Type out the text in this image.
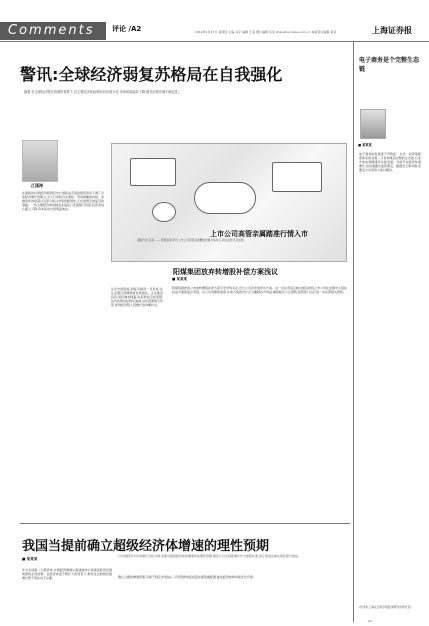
Comments	评论 /A2	2019年1月17日 星期四 主编 谷宇 编辑 王某 图片编辑 张某 shanghai-news.com.cn 本版责任编辑 某某	上海证券报
警讯:全球经济弱复苏格局在自我强化
摘要:在全球经济增长放缓的背景下,各主要经济体政策取向出现分化,市场风险偏好下降,增长前景充满不确定性。
江涌涛
在最新的世界经济展望报告中,国际货币基金组织再次下调了全球经济增长预期,认为下行风险仍在累积。贸易摩擦的持续、金融条件的收紧以及部分新兴市场的脆弱性,正在削弱全球复苏的基础。一些主要经济体的制造业指标已连续数月回落,投资者信心随之下降,资本流动出现明显波动。
从历史经验看,弱复苏格局一旦形成,往往会通过预期渠道自我强化。企业推迟投资,居民增加储蓄,政府财政空间受限,货币政策边际效应递减,这些因素相互作用,使得经济陷入低增长的均衡状态。
上市公司高管亲属踏准行情入市
漫画作者 某某 —— 配图说明:部分上市公司高管亲属精准把握交易时点,相关监管仍需加强。
阳煤集团放弃转增股补偿方案浅议
■ 某某某
阳煤集团此前公布的转增股补偿方案引发市场关注,近日公司宣布放弃该方案。这一决定背后反映出国有控股上市公司在处理中小股东权益方面的复杂考量。从公司治理角度看,补偿方案的设计应当兼顾各方利益,确保程序公正透明,监管部门也应进一步完善相关规则。
电子商务是个完整生态链
■ 某某某
电子商务的发展离不开物流、支付、信用等配套体系的完善。只有构建起完整的生态链,行业才能实现健康可持续发展。当前平台经济快速增长,但也暴露出监管滞后、数据安全等问题,需要各方共同努力加以解决。
(作者系上海社会科学院经济研究所研究员)
我国当提前确立超级经济体增速的理性预期
■ 某某某
以中国经济今年的增长目标为例,需要对超级经济体的增速形成理性预期,避免以过去的高增长作为参照标准,而应更加注重发展质量与效益。
作为全球第二大经济体,中国经济增速从高速转向中高速是经济发展规律的必然结果。在经济体量不断扩大的背景下,维持过去的两位数增长既不现实也不必要。	确立合理的增速预期,有助于稳定市场信心,引导资源向高质量发展领域配置,推动经济结构持续优化升级。
A2
